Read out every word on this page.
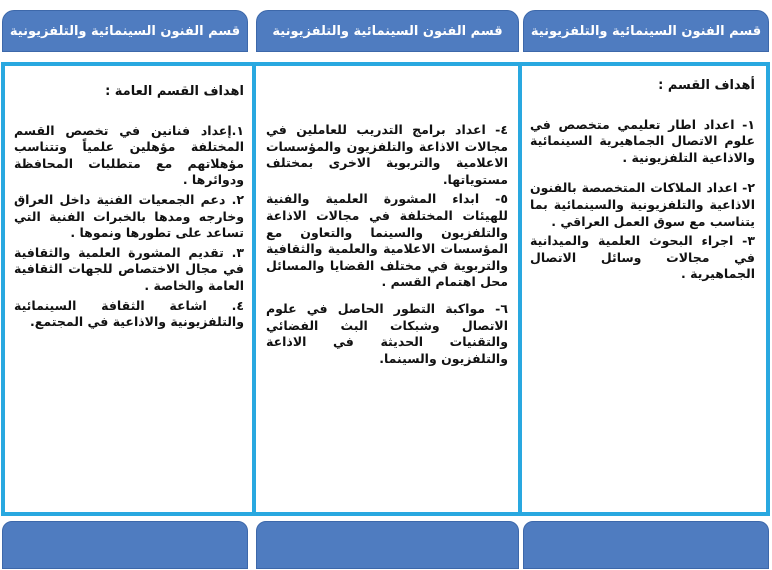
قسم الفنون السينمائية والتلفزيونية قسم الفنون السينمائية والتلفزيونية قسم الفنون السينمائية والتلفزيونية

أهداف القسم :

١- اعداد اطار تعليمي متخصص في علوم الاتصال الجماهيرية السينمائية والاذاعية التلفزيونية .

٢- اعداد الملاكات المتخصصة بالفنون الاذاعية والتلفزيونية والسينمائية بما يتناسب مع سوق العمل العراقي .

٣- اجراء البحوث العلمية والميدانية في مجالات وسائل الاتصال الجماهيرية .

٤- اعداد برامج التدريب للعاملين في مجالات الاذاعة والتلفزيون والمؤسسات الاعلامية والتربوية الاخرى بمختلف مستوياتها.

٥- ابداء المشورة العلمية والفنية للهيئات المختلفة في مجالات الاذاعة والتلفزيون والسينما والتعاون مع المؤسسات الاعلامية والعلمية والثقافية والتربوية في مختلف القضايا والمسائل محل اهتمام القسم .

٦- مواكبة التطور الحاصل في علوم الاتصال وشبكات البث الفضائي والتقنيات الحديثة في الاذاعة والتلفزيون والسينما.

اهداف القسم العامة :

١.إعداد فنانين في تخصص القسم المختلفة مؤهلين علمياً وتتناسب مؤهلاتهم مع متطلبات المحافظة ودوائرها .

٢. دعم الجمعيات الفنية داخل العراق وخارجه ومدها بالخبرات الفنية التي تساعد على تطورها ونموها .

٣. تقديم المشورة العلمية والثقافية في مجال الاختصاص للجهات الثقافية العامة والخاصة .

٤. اشاعة الثقافة السينمائية والتلفزيونية والاذاعية في المجتمع.
